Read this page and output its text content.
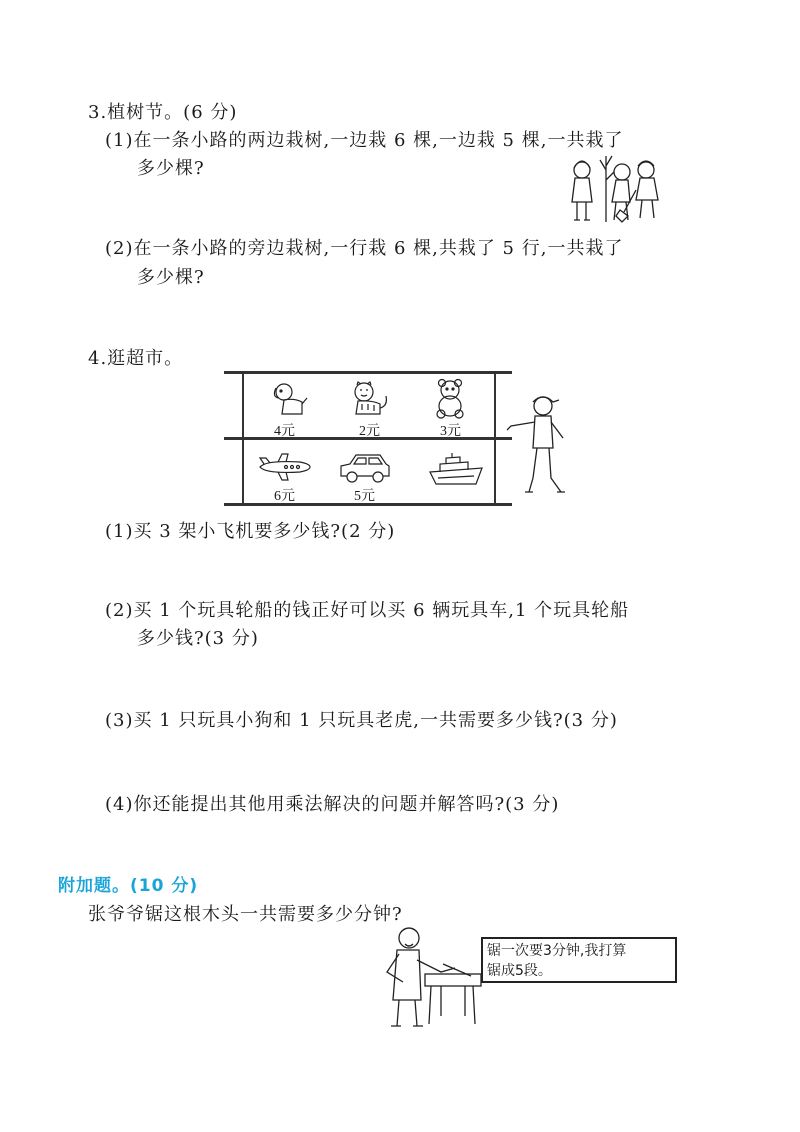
3.植树节。(6 分)
(1)在一条小路的两边栽树,一边栽 6 棵,一边栽 5 棵,一共栽了
多少棵?
(2)在一条小路的旁边栽树,一行栽 6 棵,共栽了 5 行,一共栽了
多少棵?
4.逛超市。
4元	2元	3元
6元	5元
(1)买 3 架小飞机要多少钱?(2 分)
(2)买 1 个玩具轮船的钱正好可以买 6 辆玩具车,1 个玩具轮船
多少钱?(3 分)
(3)买 1 只玩具小狗和 1 只玩具老虎,一共需要多少钱?(3 分)
(4)你还能提出其他用乘法解决的问题并解答吗?(3 分)
附加题。(10 分)
张爷爷锯这根木头一共需要多少分钟?
锯一次要3分钟,我打算
锯成5段。
